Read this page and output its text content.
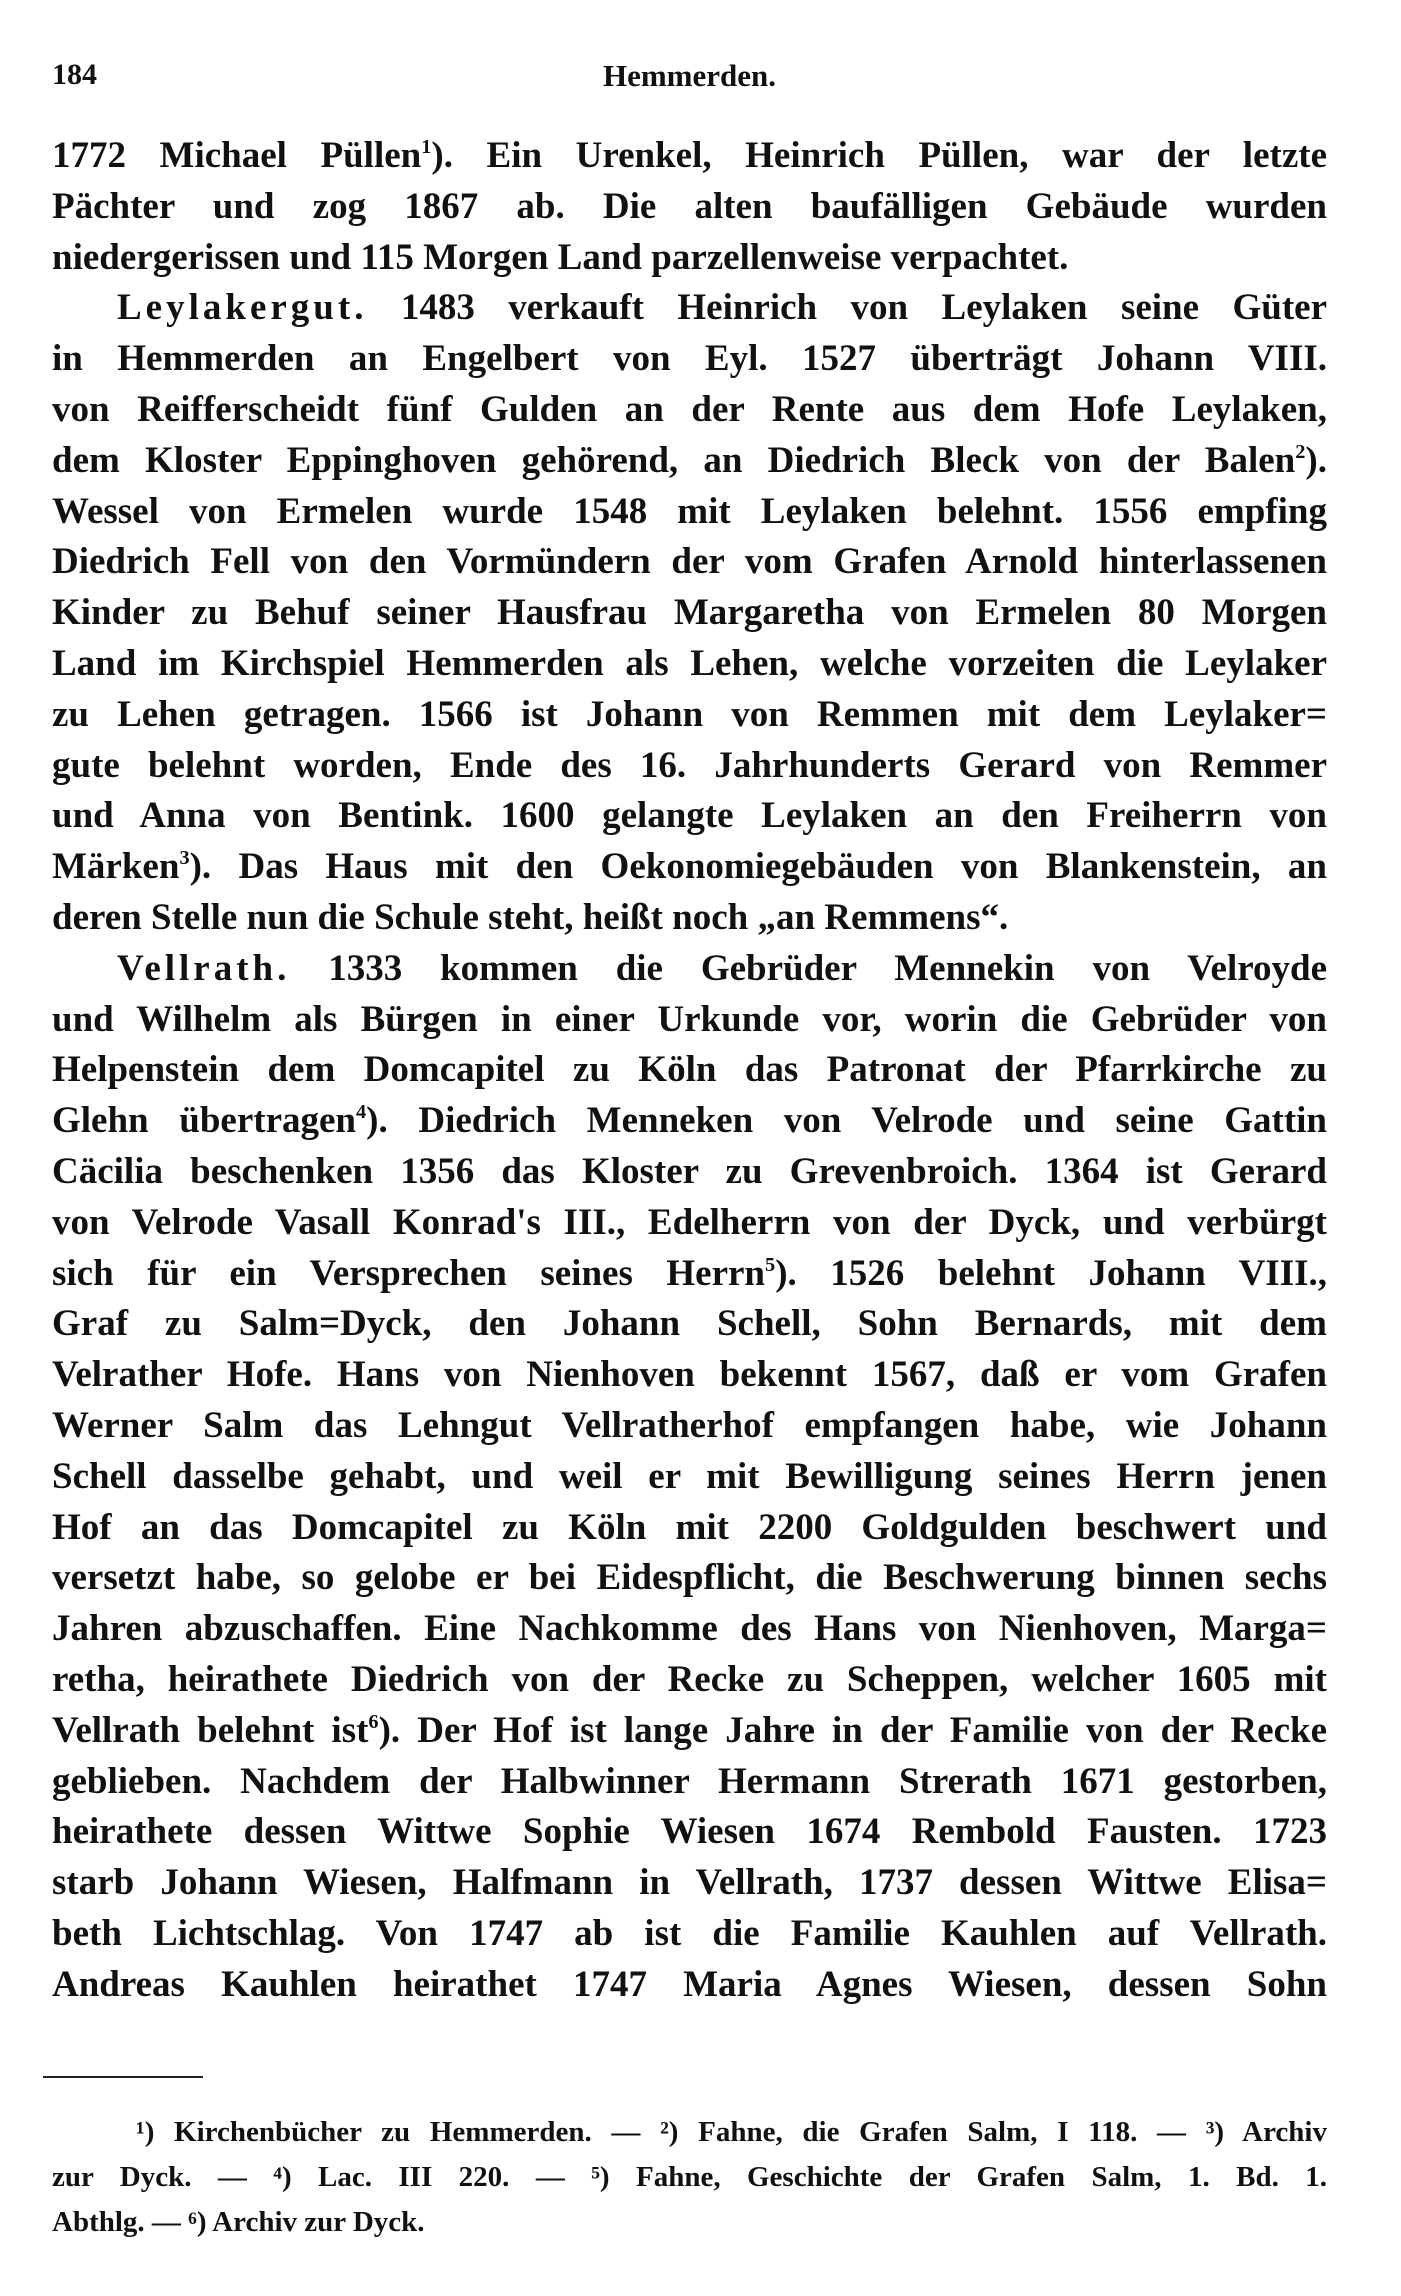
184	Hemmerden.
1772 Michael Püllen$^1$). Ein Urenkel, Heinrich Püllen, war der letzte
Pächter und zog 1867 ab. Die alten baufälligen Gebäude wurden
niedergerissen und 115 Morgen Land parzellenweise verpachtet.
Leylakergut. 1483 verkauft Heinrich von Leylaken seine Güter
in Hemmerden an Engelbert von Eyl. 1527 überträgt Johann VIII.
von Reifferscheidt fünf Gulden an der Rente aus dem Hofe Leylaken,
dem Kloster Eppinghoven gehörend, an Diedrich Bleck von der Balen$^2$).
Wessel von Ermelen wurde 1548 mit Leylaken belehnt. 1556 empfing
Diedrich Fell von den Vormündern der vom Grafen Arnold hinterlassenen
Kinder zu Behuf seiner Hausfrau Margaretha von Ermelen 80 Morgen
Land im Kirchspiel Hemmerden als Lehen, welche vorzeiten die Leylaker
zu Lehen getragen. 1566 ist Johann von Remmen mit dem Leylaker=
gute belehnt worden, Ende des 16. Jahrhunderts Gerard von Remmer
und Anna von Bentink. 1600 gelangte Leylaken an den Freiherrn von
Märken$^3$). Das Haus mit den Oekonomiegebäuden von Blankenstein, an
deren Stelle nun die Schule steht, heißt noch „an Remmens“.
Vellrath. 1333 kommen die Gebrüder Mennekin von Velroyde
und Wilhelm als Bürgen in einer Urkunde vor, worin die Gebrüder von
Helpenstein dem Domcapitel zu Köln das Patronat der Pfarrkirche zu
Glehn übertragen$^4$). Diedrich Menneken von Velrode und seine Gattin
Cäcilia beschenken 1356 das Kloster zu Grevenbroich. 1364 ist Gerard
von Velrode Vasall Konrad's III., Edelherrn von der Dyck, und verbürgt
sich für ein Versprechen seines Herrn$^5$). 1526 belehnt Johann VIII.,
Graf zu Salm=Dyck, den Johann Schell, Sohn Bernards, mit dem
Velrather Hofe. Hans von Nienhoven bekennt 1567, daß er vom Grafen
Werner Salm das Lehngut Vellratherhof empfangen habe, wie Johann
Schell dasselbe gehabt, und weil er mit Bewilligung seines Herrn jenen
Hof an das Domcapitel zu Köln mit 2200 Goldgulden beschwert und
versetzt habe, so gelobe er bei Eidespflicht, die Beschwerung binnen sechs
Jahren abzuschaffen. Eine Nachkomme des Hans von Nienhoven, Marga=
retha, heirathete Diedrich von der Recke zu Scheppen, welcher 1605 mit
Vellrath belehnt ist$^6$). Der Hof ist lange Jahre in der Familie von der Recke
geblieben. Nachdem der Halbwinner Hermann Strerath 1671 gestorben,
heirathete dessen Wittwe Sophie Wiesen 1674 Rembold Fausten. 1723
starb Johann Wiesen, Halfmann in Vellrath, 1737 dessen Wittwe Elisa=
beth Lichtschlag. Von 1747 ab ist die Familie Kauhlen auf Vellrath.
Andreas Kauhlen heirathet 1747 Maria Agnes Wiesen, dessen Sohn
¹) Kirchenbücher zu Hemmerden. — ²) Fahne, die Grafen Salm, I 118. — ³) Archiv
zur Dyck. — ⁴) Lac. III 220. — ⁵) Fahne, Geschichte der Grafen Salm, 1. Bd. 1.
Abthlg. — ⁶) Archiv zur Dyck.
